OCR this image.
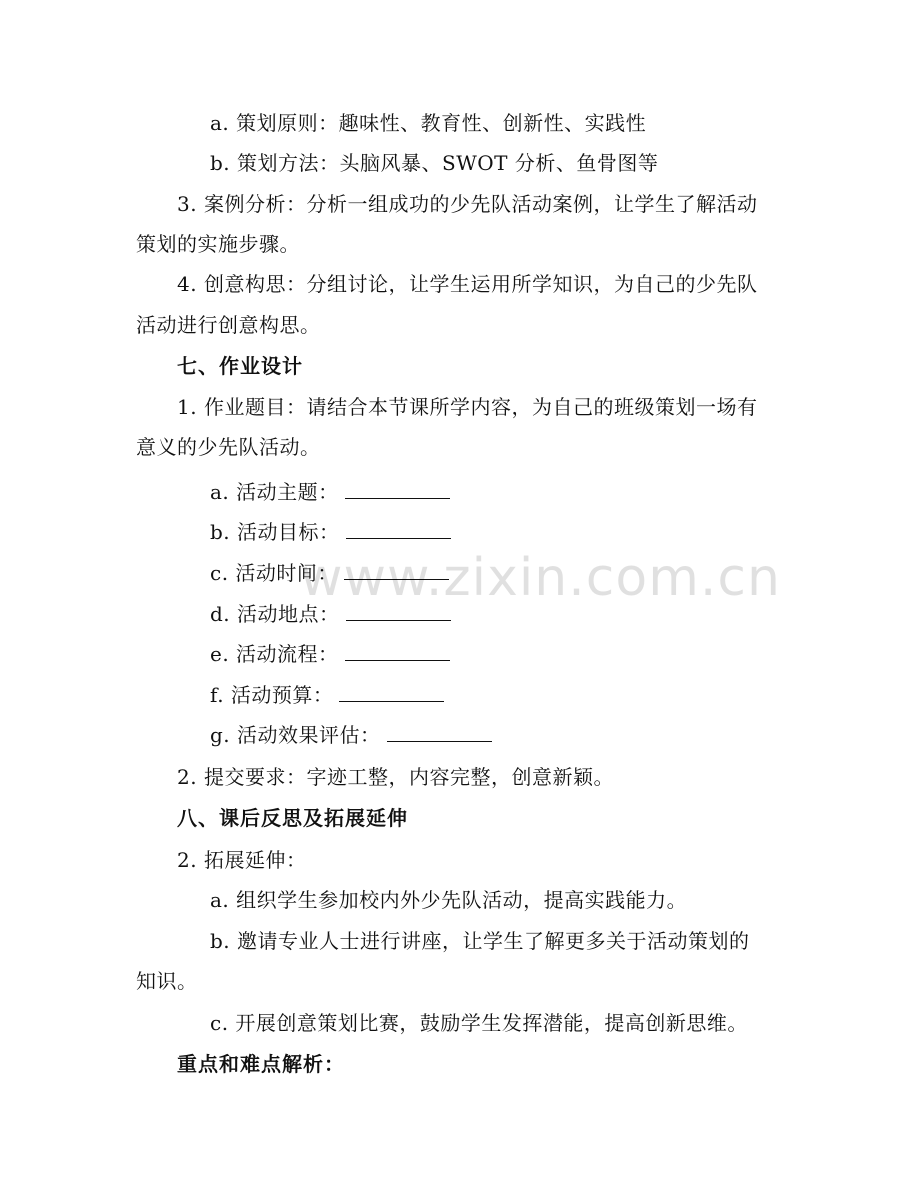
a. 策划原则：趣味性、教育性、创新性、实践性
b. 策划方法：头脑风暴、SWOT 分析、鱼骨图等
3. 案例分析：分析一组成功的少先队活动案例，让学生了解活动
策划的实施步骤。
4. 创意构思：分组讨论，让学生运用所学知识，为自己的少先队
活动进行创意构思。
七、作业设计
1. 作业题目：请结合本节课所学内容，为自己的班级策划一场有
意义的少先队活动。
a. 活动主题：
b. 活动目标：
c. 活动时间：
d. 活动地点：
e. 活动流程：
f. 活动预算：
g. 活动效果评估：
2. 提交要求：字迹工整，内容完整，创意新颖。
八、课后反思及拓展延伸
2. 拓展延伸：
a. 组织学生参加校内外少先队活动，提高实践能力。
b. 邀请专业人士进行讲座，让学生了解更多关于活动策划的
知识。
c. 开展创意策划比赛，鼓励学生发挥潜能，提高创新思维。
重点和难点解析：
www.zixin.com.cn
